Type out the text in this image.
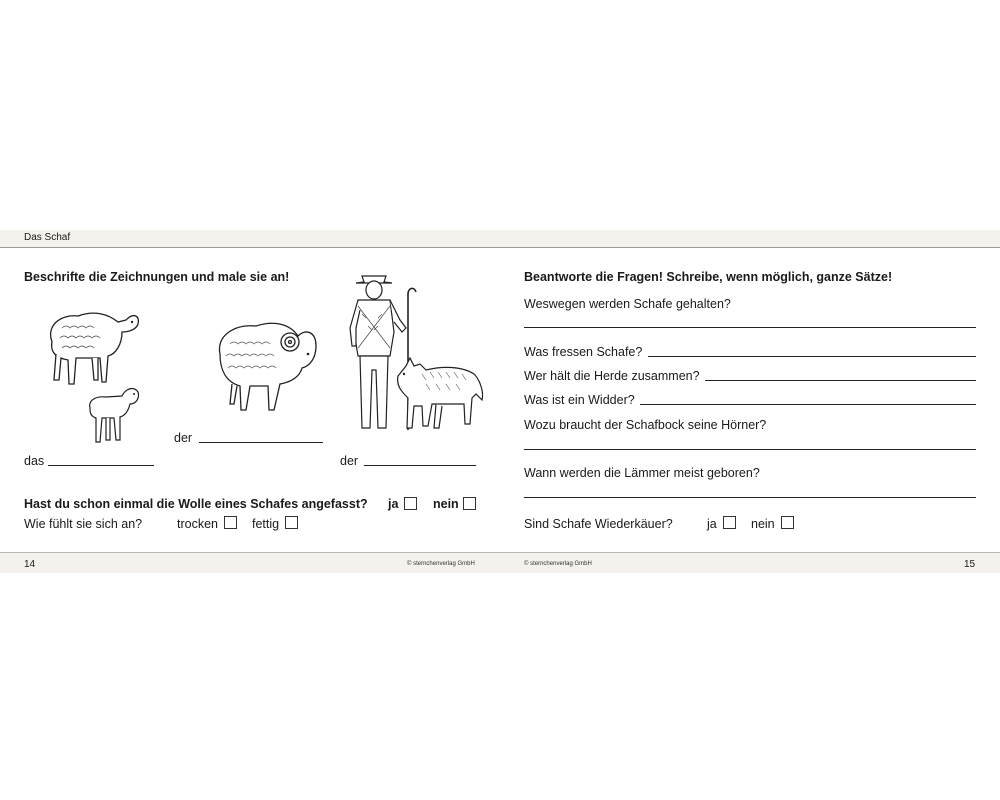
Das Schaf
Beschrifte die Zeichnungen und male sie an!
das
der
der
Hast du schon einmal die Wolle eines Schafes angefasst? ja	nein
Wie fühlt sie sich an?	trocken	fettig
Beantworte die Fragen! Schreibe, wenn möglich, ganze Sätze!
Weswegen werden Schafe gehalten?
Was fressen Schafe?
Wer hält die Herde zusammen?
Was ist ein Widder?
Wozu braucht der Schafbock seine Hörner?
Wann werden die Lämmer meist geboren?
Sind Schafe Wiederkäuer?	ja	nein
14	© sternchenverlag GmbH	© sternchenverlag GmbH	15
